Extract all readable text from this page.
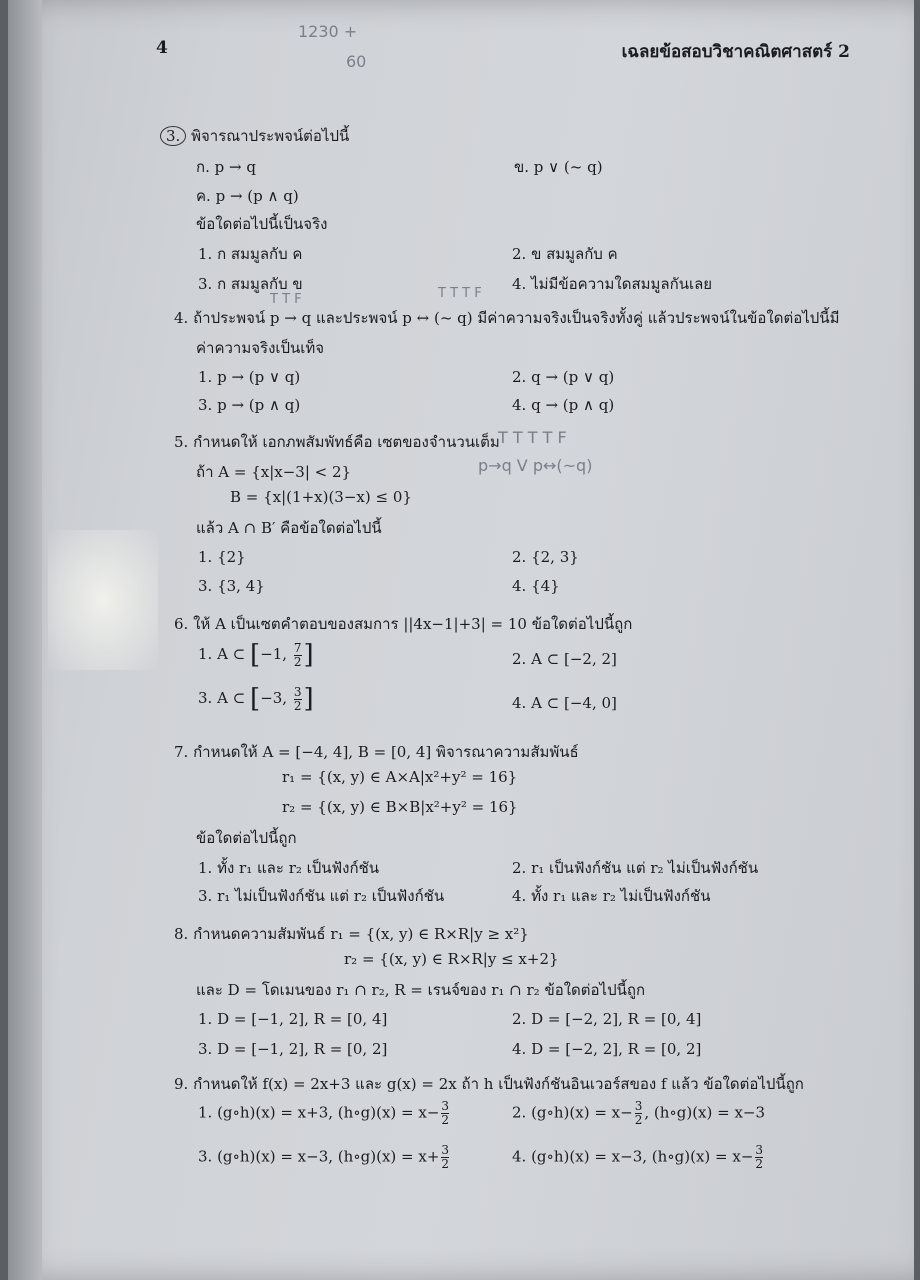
4	เฉลยข้อสอบวิชาคณิตศาสตร์ 2
1230 +
60
T T F	T T T F
T T T T F
p→q V p↔(~q)
3. พิจารณาประพจน์ต่อไปนี้
ก. p → q	ข. p ∨ (~ q)
ค. p → (p ∧ q)
ข้อใดต่อไปนี้เป็นจริง
1. ก สมมูลกับ ค	2. ข สมมูลกับ ค
3. ก สมมูลกับ ข	4. ไม่มีข้อความใดสมมูลกันเลย
4. ถ้าประพจน์ p → q และประพจน์ p ↔ (~ q) มีค่าความจริงเป็นจริงทั้งคู่ แล้วประพจน์ในข้อใดต่อไปนี้มี
ค่าความจริงเป็นเท็จ
1. p → (p ∨ q)	2. q → (p ∨ q)
3. p → (p ∧ q)	4. q → (p ∧ q)
5. กำหนดให้ เอกภพสัมพัทธ์คือ เซตของจำนวนเต็ม
ถ้า A = {x|x−3| < 2}
B = {x|(1+x)(3−x) ≤ 0}
แล้ว A ∩ B′ คือข้อใดต่อไปนี้
1. {2}	2. {2, 3}
3. {3, 4}	4. {4}
6. ให้ A เป็นเซตคำตอบของสมการ ||4x−1|+3| = 10 ข้อใดต่อไปนี้ถูก
1. A ⊂ [−1, $\frac{7}{2}$ ]	2. A ⊂ [−2, 2]
3. A ⊂ [−3, $\frac{3}{2}$ ]	4. A ⊂ [−4, 0]
7. กำหนดให้ A = [−4, 4], B = [0, 4] พิจารณาความสัมพันธ์
r₁ = {(x, y) ∈ A×A|x²+y² = 16}
r₂ = {(x, y) ∈ B×B|x²+y² = 16}
ข้อใดต่อไปนี้ถูก
1. ทั้ง r₁ และ r₂ เป็นฟังก์ชัน	2. r₁ เป็นฟังก์ชัน แต่ r₂ ไม่เป็นฟังก์ชัน
3. r₁ ไม่เป็นฟังก์ชัน แต่ r₂ เป็นฟังก์ชัน	4. ทั้ง r₁ และ r₂ ไม่เป็นฟังก์ชัน
8. กำหนดความสัมพันธ์ r₁ = {(x, y) ∈ R×R|y ≥ x²}
r₂ = {(x, y) ∈ R×R|y ≤ x+2}
และ D = โดเมนของ r₁ ∩ r₂, R = เรนจ์ของ r₁ ∩ r₂ ข้อใดต่อไปนี้ถูก
1. D = [−1, 2], R = [0, 4]	2. D = [−2, 2], R = [0, 4]
3. D = [−1, 2], R = [0, 2]	4. D = [−2, 2], R = [0, 2]
9. กำหนดให้ f(x) = 2x+3 และ g(x) = 2x ถ้า h เป็นฟังก์ชันอินเวอร์สของ f แล้ว ข้อใดต่อไปนี้ถูก
1. (g∘h)(x) = x+3, (h∘g)(x) = $x- \frac{3}{2}$	2. (g∘h)(x) = $x- \frac{3}{2}$ , (h∘g)(x) = x−3
3. (g∘h)(x) = x−3, (h∘g)(x) = $x+ \frac{3}{2}$	4. (g∘h)(x) = x−3, (h∘g)(x) = $x- \frac{3}{2}$
